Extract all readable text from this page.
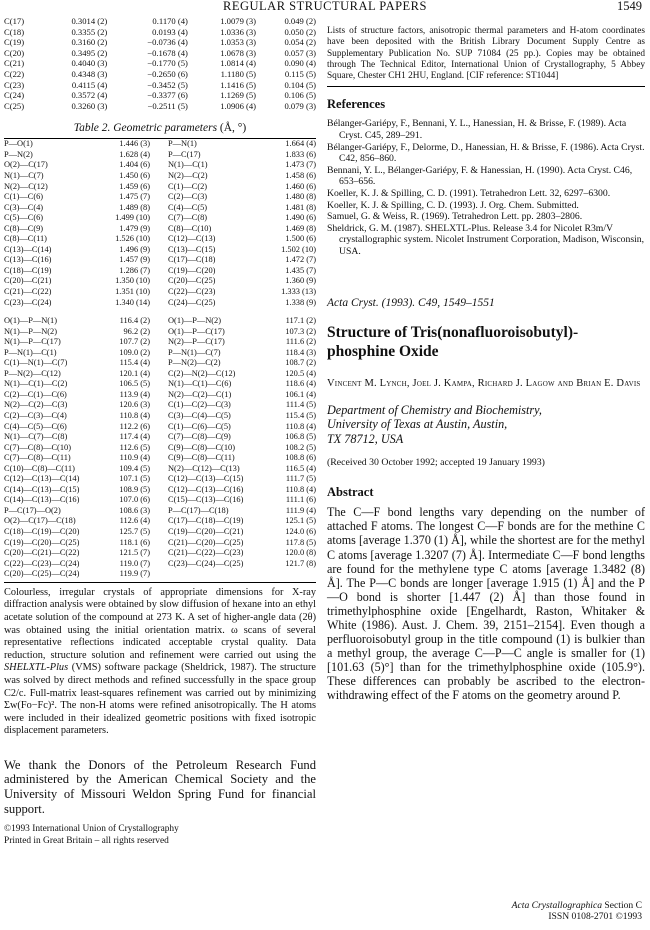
REGULAR STRUCTURAL PAPERS	1549
C(17)	0.3014 (2)	0.1170 (4)	1.0079 (3)	0.049 (2)
C(18)	0.3355 (2)	0.0193 (4)	1.0336 (3)	0.050 (2)
C(19)	0.3160 (2)	−0.0736 (4)	1.0353 (3)	0.054 (2)
C(20)	0.3495 (2)	−0.1678 (4)	1.0678 (3)	0.057 (3)
C(21)	0.4040 (3)	−0.1770 (5)	1.0814 (4)	0.090 (4)
C(22)	0.4348 (3)	−0.2650 (6)	1.1180 (5)	0.115 (5)
C(23)	0.4115 (4)	−0.3452 (5)	1.1416 (5)	0.104 (5)
C(24)	0.3572 (4)	−0.3377 (6)	1.1269 (5)	0.106 (5)
C(25)	0.3260 (3)	−0.2511 (5)	1.0906 (4)	0.079 (3)
Table 2. Geometric parameters (Å, °)
P—O(1)	1.446 (3)		P—N(1)	1.664 (4)
P—N(2)	1.628 (4)		P—C(17)	1.833 (6)
O(2)—C(17)	1.404 (6)		N(1)—C(1)	1.473 (7)
N(1)—C(7)	1.450 (6)		N(2)—C(2)	1.458 (6)
N(2)—C(12)	1.459 (6)		C(1)—C(2)	1.460 (6)
C(1)—C(6)	1.475 (7)		C(2)—C(3)	1.480 (8)
C(3)—C(4)	1.489 (8)		C(4)—C(5)	1.481 (8)
C(5)—C(6)	1.499 (10)		C(7)—C(8)	1.490 (6)
C(8)—C(9)	1.479 (9)		C(8)—C(10)	1.469 (8)
C(8)—C(11)	1.526 (10)		C(12)—C(13)	1.500 (6)
C(13)—C(14)	1.496 (9)		C(13)—C(15)	1.502 (10)
C(13)—C(16)	1.457 (9)		C(17)—C(18)	1.472 (7)
C(18)—C(19)	1.286 (7)		C(19)—C(20)	1.435 (7)
C(20)—C(21)	1.350 (10)		C(20)—C(25)	1.360 (9)
C(21)—C(22)	1.351 (10)		C(22)—C(23)	1.333 (13)
C(23)—C(24)	1.340 (14)		C(24)—C(25)	1.338 (9)

O(1)—P—N(1)	116.4 (2)		O(1)—P—N(2)	117.1 (2)
N(1)—P—N(2)	96.2 (2)		O(1)—P—C(17)	107.3 (2)
N(1)—P—C(17)	107.7 (2)		N(2)—P—C(17)	111.6 (2)
P—N(1)—C(1)	109.0 (2)		P—N(1)—C(7)	118.4 (3)
C(1)—N(1)—C(7)	115.4 (4)		P—N(2)—C(2)	108.7 (2)
P—N(2)—C(12)	120.1 (4)		C(2)—N(2)—C(12)	120.5 (4)
N(1)—C(1)—C(2)	106.5 (5)		N(1)—C(1)—C(6)	118.6 (4)
C(2)—C(1)—C(6)	113.9 (4)		N(2)—C(2)—C(1)	106.1 (4)
N(2)—C(2)—C(3)	120.6 (3)		C(1)—C(2)—C(3)	111.4 (5)
C(2)—C(3)—C(4)	110.8 (4)		C(3)—C(4)—C(5)	115.4 (5)
C(4)—C(5)—C(6)	112.2 (6)		C(1)—C(6)—C(5)	110.8 (4)
N(1)—C(7)—C(8)	117.4 (4)		C(7)—C(8)—C(9)	106.8 (5)
C(7)—C(8)—C(10)	112.6 (5)		C(9)—C(8)—C(10)	108.2 (5)
C(7)—C(8)—C(11)	110.9 (4)		C(9)—C(8)—C(11)	108.8 (6)
C(10)—C(8)—C(11)	109.4 (5)		N(2)—C(12)—C(13)	116.5 (4)
C(12)—C(13)—C(14)	107.1 (5)		C(12)—C(13)—C(15)	111.7 (5)
C(14)—C(13)—C(15)	108.9 (5)		C(12)—C(13)—C(16)	110.8 (4)
C(14)—C(13)—C(16)	107.0 (6)		C(15)—C(13)—C(16)	111.1 (6)
P—C(17)—O(2)	108.6 (3)		P—C(17)—C(18)	111.9 (4)
O(2)—C(17)—C(18)	112.6 (4)		C(17)—C(18)—C(19)	125.1 (5)
C(18)—C(19)—C(20)	125.7 (5)		C(19)—C(20)—C(21)	124.0 (6)
C(19)—C(20)—C(25)	118.1 (6)		C(21)—C(20)—C(25)	117.8 (5)
C(20)—C(21)—C(22)	121.5 (7)		C(21)—C(22)—C(23)	120.0 (8)
C(22)—C(23)—C(24)	119.0 (7)		C(23)—C(24)—C(25)	121.7 (8)
C(20)—C(25)—C(24)	119.9 (7)			

Colourless, irregular crystals of appropriate dimensions for X-ray diffraction analysis were obtained by slow diffusion of hexane into an ethyl acetate solution of the compound at 273 K. A set of higher-angle data (2θ) was obtained using the initial orientation matrix. ω scans of several representative reflections indicated acceptable crystal quality. Data reduction, structure solution and refinement were carried out using the SHELXTL-Plus (VMS) software package (Sheldrick, 1987). The structure was solved by direct methods and refined successfully in the space group C2/c. Full-matrix least-squares refinement was carried out by minimizing Σw(Fo−Fc)². The non-H atoms were refined anisotropically. The H atoms were included in their idealized geometric positions with fixed isotropic displacement parameters.

We thank the Donors of the Petroleum Research Fund administered by the American Chemical Society and the University of Missouri Weldon Spring Fund for financial support.
©1993 International Union of Crystallography
Printed in Great Britain – all rights reserved
Lists of structure factors, anisotropic thermal parameters and H-atom coordinates have been deposited with the British Library Document Supply Centre as Supplementary Publication No. SUP 71084 (25 pp.). Copies may be obtained through The Technical Editor, International Union of Crystallography, 5 Abbey Square, Chester CH1 2HU, England. [CIF reference: ST1044]
References
Bélanger-Gariépy, F., Bennani, Y. L., Hanessian, H. & Brisse, F. (1989). Acta Cryst. C45, 289–291.
Bélanger-Gariépy, F., Delorme, D., Hanessian, H. & Brisse, F. (1986). Acta Cryst. C42, 856–860.
Bennani, Y. L., Bélanger-Gariépy, F. & Hanessian, H. (1990). Acta Cryst. C46, 653–656.
Koeller, K. J. & Spilling, C. D. (1991). Tetrahedron Lett. 32, 6297–6300.
Koeller, K. J. & Spilling, C. D. (1993). J. Org. Chem. Submitted.
Samuel, G. & Weiss, R. (1969). Tetrahedron Lett. pp. 2803–2806.
Sheldrick, G. M. (1987). SHELXTL-Plus. Release 3.4 for Nicolet R3m/V crystallographic system. Nicolet Instrument Corporation, Madison, Wisconsin, USA.
Acta Cryst. (1993). C49, 1549–1551
Structure of Tris(nonafluoroisobutyl)-phosphine Oxide
Vincent M. Lynch, Joel J. Kampa, Richard J. Lagow and Brian E. Davis
Department of Chemistry and Biochemistry,
University of Texas at Austin, Austin,
TX 78712, USA
(Received 30 October 1992; accepted 19 January 1993)
Abstract
The C—F bond lengths vary depending on the number of attached F atoms. The longest C—F bonds are for the methine C atoms [average 1.370 (1) Å], while the shortest are for the methyl C atoms [average 1.3207 (7) Å]. Intermediate C—F bond lengths are found for the methylene type C atoms [average 1.3482 (8) Å]. The P—C bonds are longer [average 1.915 (1) Å] and the P—O bond is shorter [1.447 (2) Å] than those found in trimethylphosphine oxide [Engelhardt, Raston, Whitaker & White (1986). Aust. J. Chem. 39, 2151–2154]. Even though a perfluoroisobutyl group in the title compound (1) is bulkier than a methyl group, the average C—P—C angle is smaller for (1) [101.63 (5)°] than for the trimethylphosphine oxide (105.9°). These differences can probably be ascribed to the electron-withdrawing effect of the F atoms on the geometry around P.
Acta Crystallographica Section C
ISSN 0108-2701 ©1993
